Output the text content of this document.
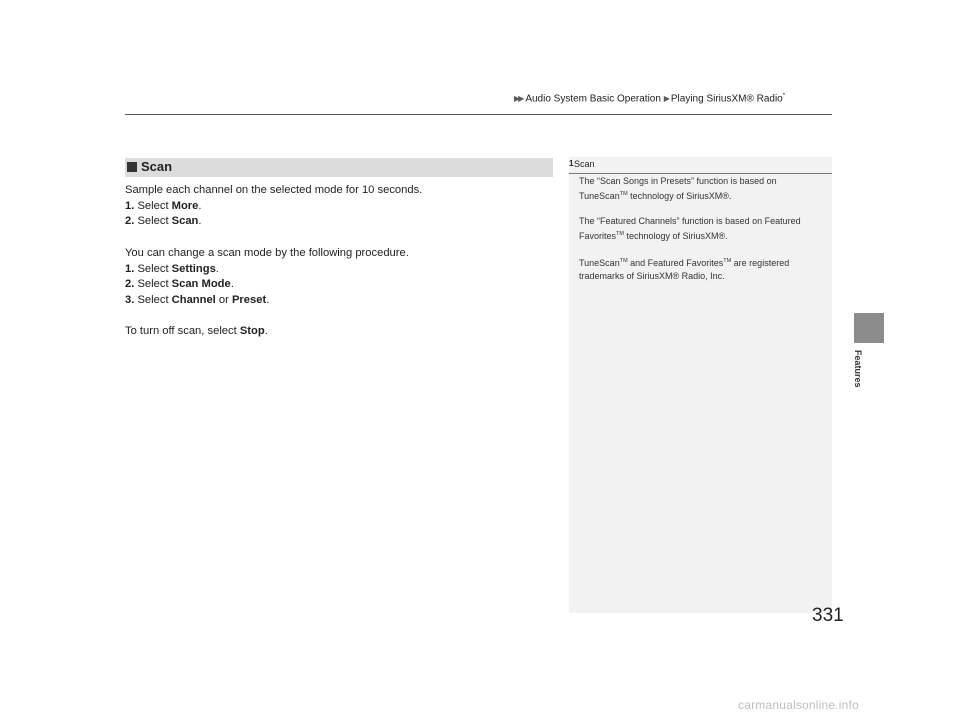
▶▶ Audio System Basic Operation ▶ Playing SiriusXM® Radio*
Features
Scan

Sample each channel on the selected mode for 10 seconds.

1. Select More.

2. Select Scan.

You can change a scan mode by the following procedure.

1. Select Settings.

2. Select Scan Mode.

3. Select Channel or Preset.

To turn off scan, select Stop.

1 Scan

The “Scan Songs in Presets” function is based on TuneScan™ technology of SiriusXM®.

The “Featured Channels” function is based on Featured Favorites™ technology of SiriusXM®.

TuneScan™ and Featured Favorites™ are registered trademarks of SiriusXM® Radio, Inc.

331
carmanualsonline.info
